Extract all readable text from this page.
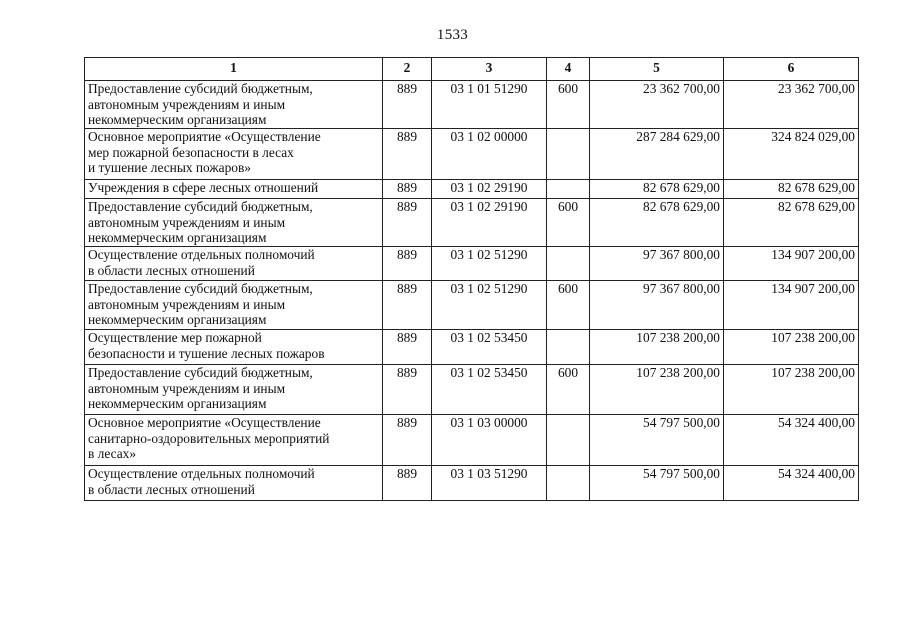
1533
1	2	3	4	5	6
Предоставление субсидий бюджетным,
автономным учреждениям и иным
некоммерческим организациям	889	03 1 01 51290	600	23 362 700,00	23 362 700,00
Основное мероприятие «Осуществление
мер пожарной безопасности в лесах
и тушение лесных пожаров»	889	03 1 02 00000		287 284 629,00	324 824 029,00
Учреждения в сфере лесных отношений	889	03 1 02 29190		82 678 629,00	82 678 629,00
Предоставление субсидий бюджетным,
автономным учреждениям и иным
некоммерческим организациям	889	03 1 02 29190	600	82 678 629,00	82 678 629,00
Осуществление отдельных полномочий
в области лесных отношений	889	03 1 02 51290		97 367 800,00	134 907 200,00
Предоставление субсидий бюджетным,
автономным учреждениям и иным
некоммерческим организациям	889	03 1 02 51290	600	97 367 800,00	134 907 200,00
Осуществление мер пожарной
безопасности и тушение лесных пожаров	889	03 1 02 53450		107 238 200,00	107 238 200,00
Предоставление субсидий бюджетным,
автономным учреждениям и иным
некоммерческим организациям	889	03 1 02 53450	600	107 238 200,00	107 238 200,00
Основное мероприятие «Осуществление
санитарно-оздоровительных мероприятий
в лесах»	889	03 1 03 00000		54 797 500,00	54 324 400,00
Осуществление отдельных полномочий
в области лесных отношений	889	03 1 03 51290		54 797 500,00	54 324 400,00
